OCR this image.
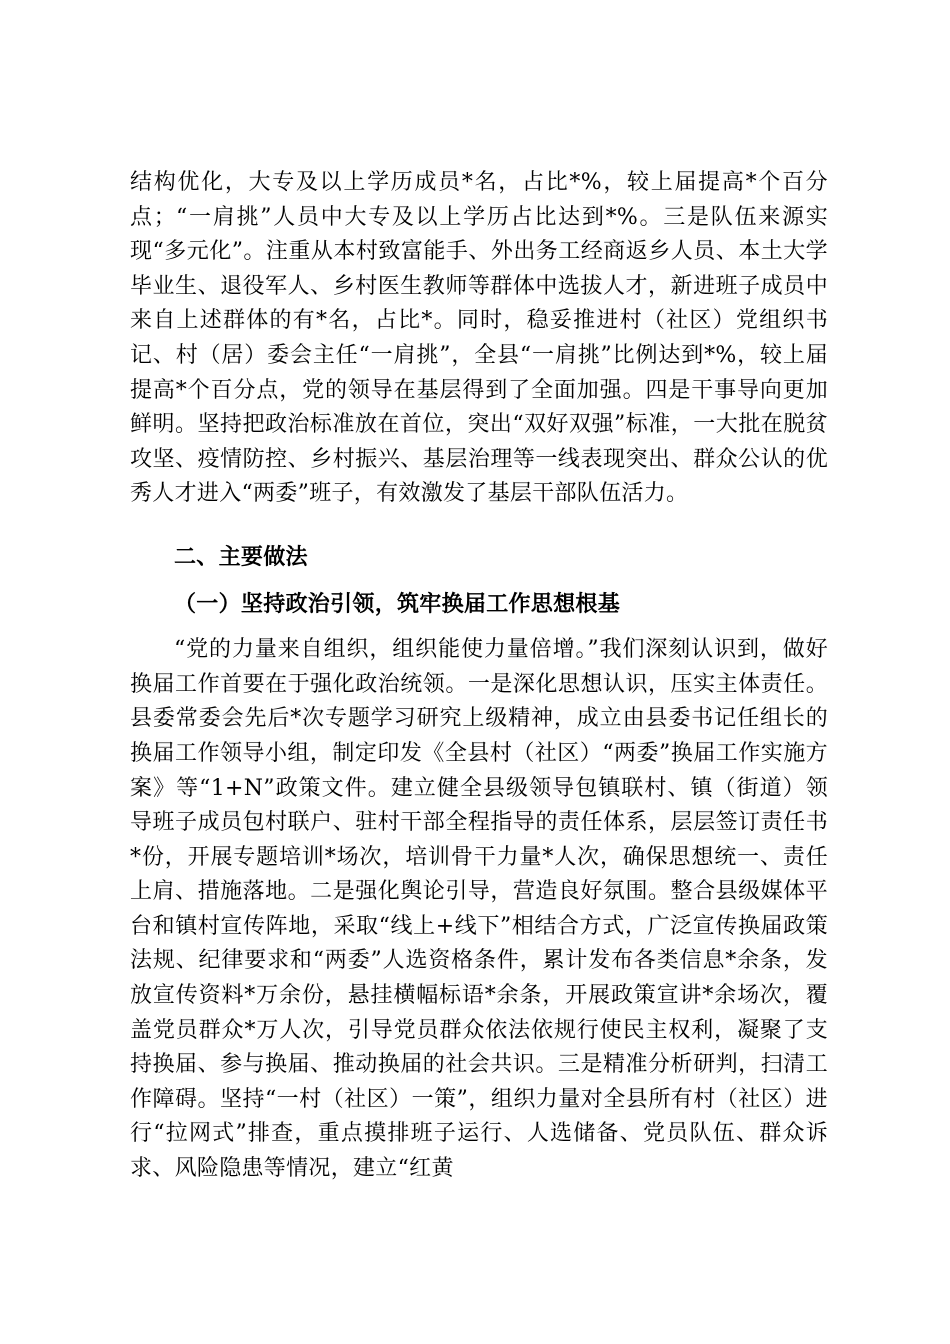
结构优化，大专及以上学历成员*名，占比*%，较上届提高*个百分点；“一肩挑”人员中大专及以上学历占比达到*%。三是队伍来源实现“多元化”。注重从本村致富能手、外出务工经商返乡人员、本土大学毕业生、退役军人、乡村医生教师等群体中选拔人才，新进班子成员中来自上述群体的有*名，占比*。同时，稳妥推进村（社区）党组织书记、村（居）委会主任“一肩挑”，全县“一肩挑”比例达到*%，较上届提高*个百分点，党的领导在基层得到了全面加强。四是干事导向更加鲜明。坚持把政治标准放在首位，突出“双好双强”标准，一大批在脱贫攻坚、疫情防控、乡村振兴、基层治理等一线表现突出、群众公认的优秀人才进入“两委”班子，有效激发了基层干部队伍活力。

二、主要做法

（一）坚持政治引领，筑牢换届工作思想根基

“党的力量来自组织，组织能使力量倍增。”我们深刻认识到，做好换届工作首要在于强化政治统领。一是深化思想认识，压实主体责任。县委常委会先后*次专题学习研究上级精神，成立由县委书记任组长的换届工作领导小组，制定印发《全县村（社区）“两委”换届工作实施方案》等“1+N”政策文件。建立健全县级领导包镇联村、镇（街道）领导班子成员包村联户、驻村干部全程指导的责任体系，层层签订责任书*份，开展专题培训*场次，培训骨干力量*人次，确保思想统一、责任上肩、措施落地。二是强化舆论引导，营造良好氛围。整合县级媒体平台和镇村宣传阵地，采取“线上+线下”相结合方式，广泛宣传换届政策法规、纪律要求和“两委”人选资格条件，累计发布各类信息*余条，发放宣传资料*万余份，悬挂横幅标语*余条，开展政策宣讲*余场次，覆盖党员群众*万人次，引导党员群众依法依规行使民主权利，凝聚了支持换届、参与换届、推动换届的社会共识。三是精准分析研判，扫清工作障碍。坚持“一村（社区）一策”，组织力量对全县所有村（社区）进行“拉网式”排查，重点摸排班子运行、人选储备、党员队伍、群众诉求、风险隐患等情况，建立“红黄
